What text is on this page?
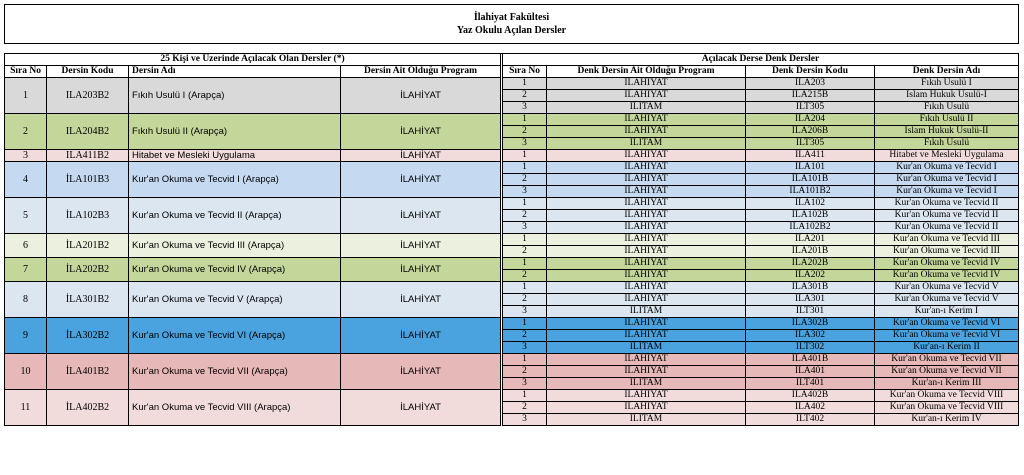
İlahiyat Fakültesi
Yaz Okulu Açılan Dersler								

25 Kişi ve Üzerinde Açılacak Olan Dersler (*)					Açılacak Derse Denk Dersler			
Sıra No	Dersin Kodu	Dersin Adı	Dersin Ait Olduğu Program		Sıra No	Denk Dersin Ait Olduğu Program	Denk Dersin Kodu	Denk Dersin Adı
1	ILA203B2	Fıkıh Usulü I (Arapça)	İLAHİYAT		1	İLAHİYAT	ILA203	Fıkıh Usulü I
					2	İLAHİYAT	ILA215B	İslam Hukuk Usulü-I
					3	İLİTAM	İLT305	Fıkıh Usulü
2	ILA204B2	Fıkıh Usulü II (Arapça)	İLAHİYAT		1	İLAHİYAT	ILA204	Fıkıh Usulü II
					2	İLAHİYAT	ILA206B	İslam Hukuk Usulü-II
					3	İLİTAM	İLT305	Fıkıh Usulü
3	ILA411B2	Hitabet ve Mesleki Uygulama	İLAHİYAT		1	İLAHİYAT	ILA411	Hitabet ve Mesleki Uygulama
4	İLA101B3	Kur'an Okuma ve Tecvid I (Arapça)	İLAHİYAT		1	İLAHİYAT	İLA101	Kur'an Okuma ve Tecvid I
					2	İLAHİYAT	İLA101B	Kur'an Okuma ve Tecvid I
					3	İLAHİYAT	İLA101B2	Kur'an Okuma ve Tecvid I
5	İLA102B3	Kur'an Okuma ve Tecvid II (Arapça)	İLAHİYAT		1	İLAHİYAT	İLA102	Kur'an Okuma ve Tecvid II
					2	İLAHİYAT	İLA102B	Kur'an Okuma ve Tecvid II
					3	İLAHİYAT	İLA102B2	Kur'an Okuma ve Tecvid II
6	İLA201B2	Kur'an Okuma ve Tecvid III (Arapça)	İLAHİYAT		1	İLAHİYAT	İLA201	Kur'an Okuma ve Tecvid III
					2	İLAHİYAT	İLA201B	Kur'an Okuma ve Tecvid III
7	İLA202B2	Kur'an Okuma ve Tecvid IV (Arapça)	İLAHİYAT		1	İLAHİYAT	İLA202B	Kur'an Okuma ve Tecvid IV
					2	İLAHİYAT	İLA202	Kur'an Okuma ve Tecvid IV
8	İLA301B2	Kur'an Okuma ve Tecvid V (Arapça)	İLAHİYAT		1	İLAHİYAT	İLA301B	Kur'an Okuma ve Tecvid V
					2	İLAHİYAT	İLA301	Kur'an Okuma ve Tecvid V
					3	İLİTAM	İLT301	Kur'an-ı Kerim I
9	İLA302B2	Kur'an Okuma ve Tecvid VI (Arapça)	İLAHİYAT		1	İLAHİYAT	İLA302B	Kur'an Okuma ve Tecvid VI
					2	İLAHİYAT	İLA302	Kur'an Okuma ve Tecvid VI
					3	İLİTAM	İLT302	Kur'an-ı Kerim II
10	İLA401B2	Kur'an Okuma ve Tecvid VII (Arapça)	İLAHİYAT		1	İLAHİYAT	İLA401B	Kur'an Okuma ve Tecvid VII
					2	İLAHİYAT	İLA401	Kur'an Okuma ve Tecvid VII
					3	İLİTAM	İLT401	Kur'an-ı Kerim III
11	İLA402B2	Kur'an Okuma ve Tecvid VIII (Arapça)	İLAHİYAT		1	İLAHİYAT	İLA402B	Kur'an Okuma ve Tecvid VIII
					2	İLAHİYAT	İLA402	Kur'an Okuma ve Tecvid VIII
					3	İLİTAM	İLT402	Kur'an-ı Kerim IV
